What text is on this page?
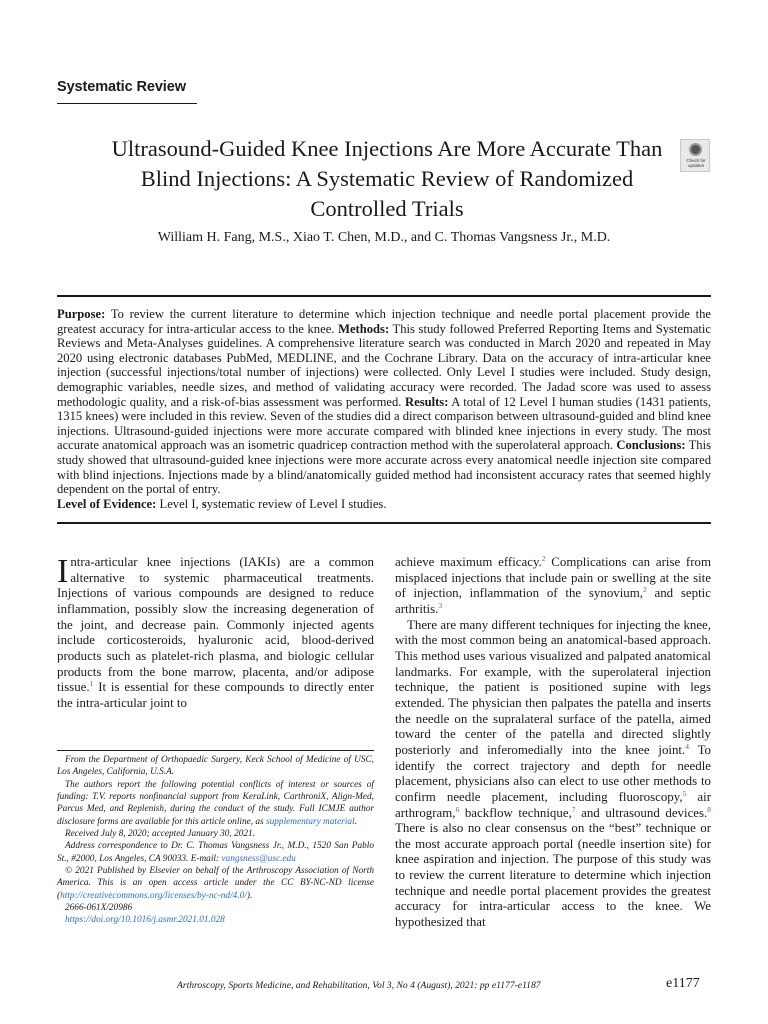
Systematic Review
Ultrasound-Guided Knee Injections Are More Accurate Than Blind Injections: A Systematic Review of Randomized Controlled Trials
Check for updates
William H. Fang, M.S., Xiao T. Chen, M.D., and C. Thomas Vangsness Jr., M.D.
Purpose: To review the current literature to determine which injection technique and needle portal placement provide the greatest accuracy for intra-articular access to the knee. Methods: This study followed Preferred Reporting Items and Systematic Reviews and Meta-Analyses guidelines. A comprehensive literature search was conducted in March 2020 and repeated in May 2020 using electronic databases PubMed, MEDLINE, and the Cochrane Library. Data on the accuracy of intra-articular knee injection (successful injections/total number of injections) were collected. Only Level I studies were included. Study design, demographic variables, needle sizes, and method of validating accuracy were recorded. The Jadad score was used to assess methodologic quality, and a risk-of-bias assessment was performed. Results: A total of 12 Level I human studies (1431 patients, 1315 knees) were included in this review. Seven of the studies did a direct comparison between ultrasound-guided and blind knee injections. Ultrasound-guided injections were more accurate compared with blinded knee injections in every study. The most accurate anatomical approach was an isometric quadricep contraction method with the superolateral approach. Conclusions: This study showed that ultrasound-guided knee injections were more accurate across every anatomical needle injection site compared with blind injections. Injections made by a blind/anatomically guided method had inconsistent accuracy rates that seemed highly dependent on the portal of entry.
Level of Evidence: Level I, systematic review of Level I studies.

Intra-articular knee injections (IAKIs) are a common alternative to systemic pharmaceutical treatments. Injections of various compounds are designed to reduce inflammation, possibly slow the increasing degeneration of the joint, and decrease pain. Commonly injected agents include corticosteroids, hyaluronic acid, blood-derived products such as platelet-rich plasma, and biologic cellular products from the bone marrow, placenta, and/or adipose tissue.$^1$ It is essential for these compounds to directly enter the intra-articular joint to

From the Department of Orthopaedic Surgery, Keck School of Medicine of USC, Los Angeles, California, U.S.A.

The authors report the following potential conflicts of interest or sources of funding: T.V. reports nonfinancial support from KeraLink, CarthroniX, Align-Med, Parcus Med, and Replenish, during the conduct of the study. Full ICMJE author disclosure forms are available for this article online, as supplementary material.

Received July 8, 2020; accepted January 30, 2021.

Address correspondence to Dr. C. Thomas Vangsness Jr., M.D., 1520 San Pablo St., #2000, Los Angeles, CA 90033. E-mail: vangsness@usc.edu

© 2021 Published by Elsevier on behalf of the Arthroscopy Association of North America. This is an open access article under the CC BY-NC-ND license (http://creativecommons.org/licenses/by-nc-nd/4.0/).

2666-061X/20986

https://doi.org/10.1016/j.asmr.2021.01.028

achieve maximum efficacy.$^2$ Complications can arise from misplaced injections that include pain or swelling at the site of injection, inflammation of the synovium,$^2$ and septic arthritis.$^3$

There are many different techniques for injecting the knee, with the most common being an anatomical-based approach. This method uses various visualized and palpated anatomical landmarks. For example, with the superolateral injection technique, the patient is positioned supine with legs extended. The physician then palpates the patella and inserts the needle on the supralateral surface of the patella, aimed toward the center of the patella and directed slightly posteriorly and inferomedially into the knee joint.$^4$ To identify the correct trajectory and depth for needle placement, physicians also can elect to use other methods to confirm needle placement, including fluoroscopy,$^5$ air arthrogram,$^6$ backflow technique,$^7$ and ultrasound devices.$^8$ There is also no clear consensus on the “best” technique or the most accurate approach portal (needle insertion site) for knee aspiration and injection. The purpose of this study was to review the current literature to determine which injection technique and needle portal placement provides the greatest accuracy for intra-articular access to the knee. We hypothesized that

Arthroscopy, Sports Medicine, and Rehabilitation, Vol 3, No 4 (August), 2021: pp e1177-e1187	e1177
